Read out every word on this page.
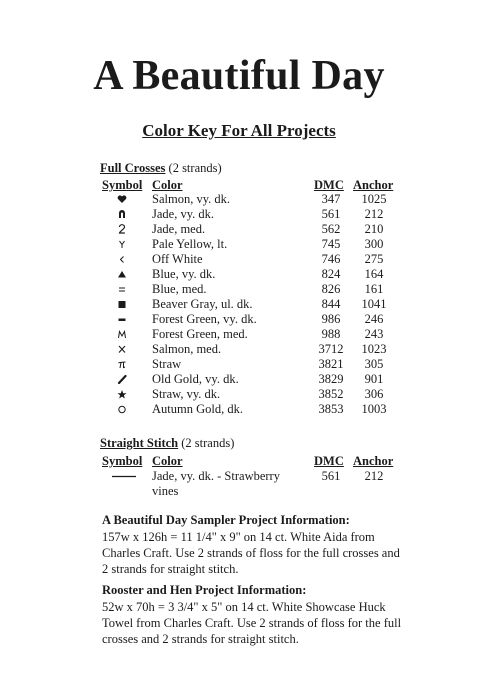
A Beautiful Day
Color Key For All Projects
Full Crosses (2 strands)
Symbol Color	DMC Anchor
Salmon, vy. dk.	347	1025
Jade, vy. dk.	561	212
Jade, med.	562	210
Pale Yellow, lt.	745	300
Off White	746	275
Blue, vy. dk.	824	164
Blue, med.	826	161
Beaver Gray, ul. dk.	844	1041
Forest Green, vy. dk.	986	246
Forest Green, med.	988	243
Salmon, med.	3712	1023
Straw	3821	305
Old Gold, vy. dk.	3829	901
Straw, vy. dk.	3852	306
Autumn Gold, dk.	3853	1003
Straight Stitch (2 strands)
Symbol Color	DMC Anchor
Jade, vy. dk. - Strawberry
vines
561	212
A Beautiful Day Sampler Project Information:
157w x 126h = 11 1/4" x 9" on 14 ct. White Aida from
Charles Craft. Use 2 strands of floss for the full crosses and
2 strands for straight stitch.
Rooster and Hen Project Information:
52w x 70h = 3 3/4" x 5" on 14 ct. White Showcase Huck
Towel from Charles Craft. Use 2 strands of floss for the full
crosses and 2 strands for straight stitch.
